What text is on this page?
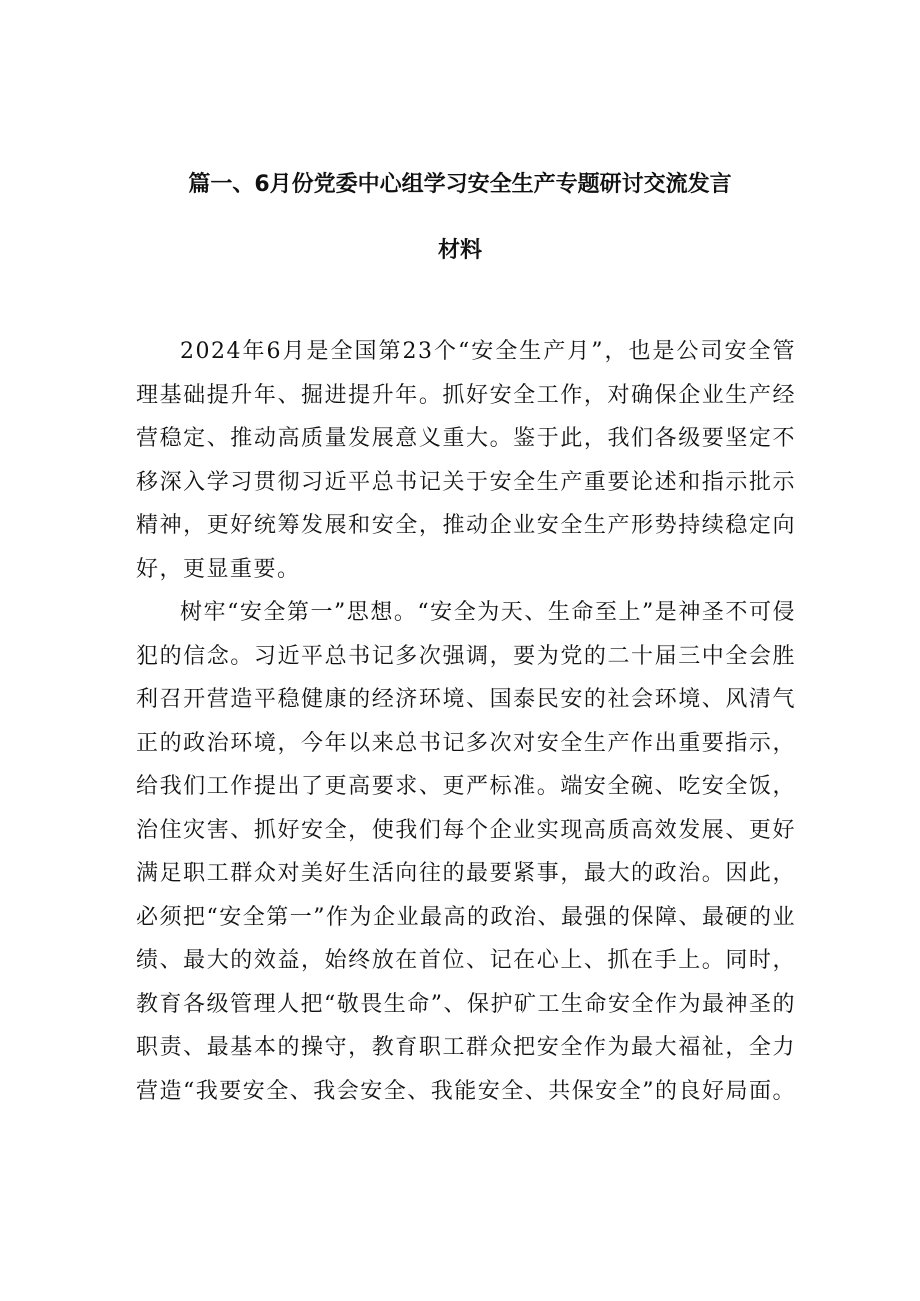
篇一、6月份党委中心组学习安全生产专题研讨交流发言
材料

2024年6月是全国第23个“安全生产月”，也是公司安全管理基础提升年、掘进提升年。抓好安全工作，对确保企业生产经营稳定、推动高质量发展意义重大。鉴于此，我们各级要坚定不移深入学习贯彻习近平总书记关于安全生产重要论述和指示批示精神，更好统筹发展和安全，推动企业安全生产形势持续稳定向好，更显重要。

树牢“安全第一”思想。“安全为天、生命至上”是神圣不可侵犯的信念。习近平总书记多次强调，要为党的二十届三中全会胜利召开营造平稳健康的经济环境、国泰民安的社会环境、风清气正的政治环境，今年以来总书记多次对安全生产作出重要指示，给我们工作提出了更高要求、更严标准。端安全碗、吃安全饭，治住灾害、抓好安全，使我们每个企业实现高质高效发展、更好满足职工群众对美好生活向往的最要紧事，最大的政治。因此，必须把“安全第一”作为企业最高的政治、最强的保障、最硬的业绩、最大的效益，始终放在首位、记在心上、抓在手上。同时，教育各级管理人把“敬畏生命”、保护矿工生命安全作为最神圣的职责、最基本的操守，教育职工群众把安全作为最大福祉，全力营造“我要安全、我会安全、我能安全、共保安全”的良好局面。
